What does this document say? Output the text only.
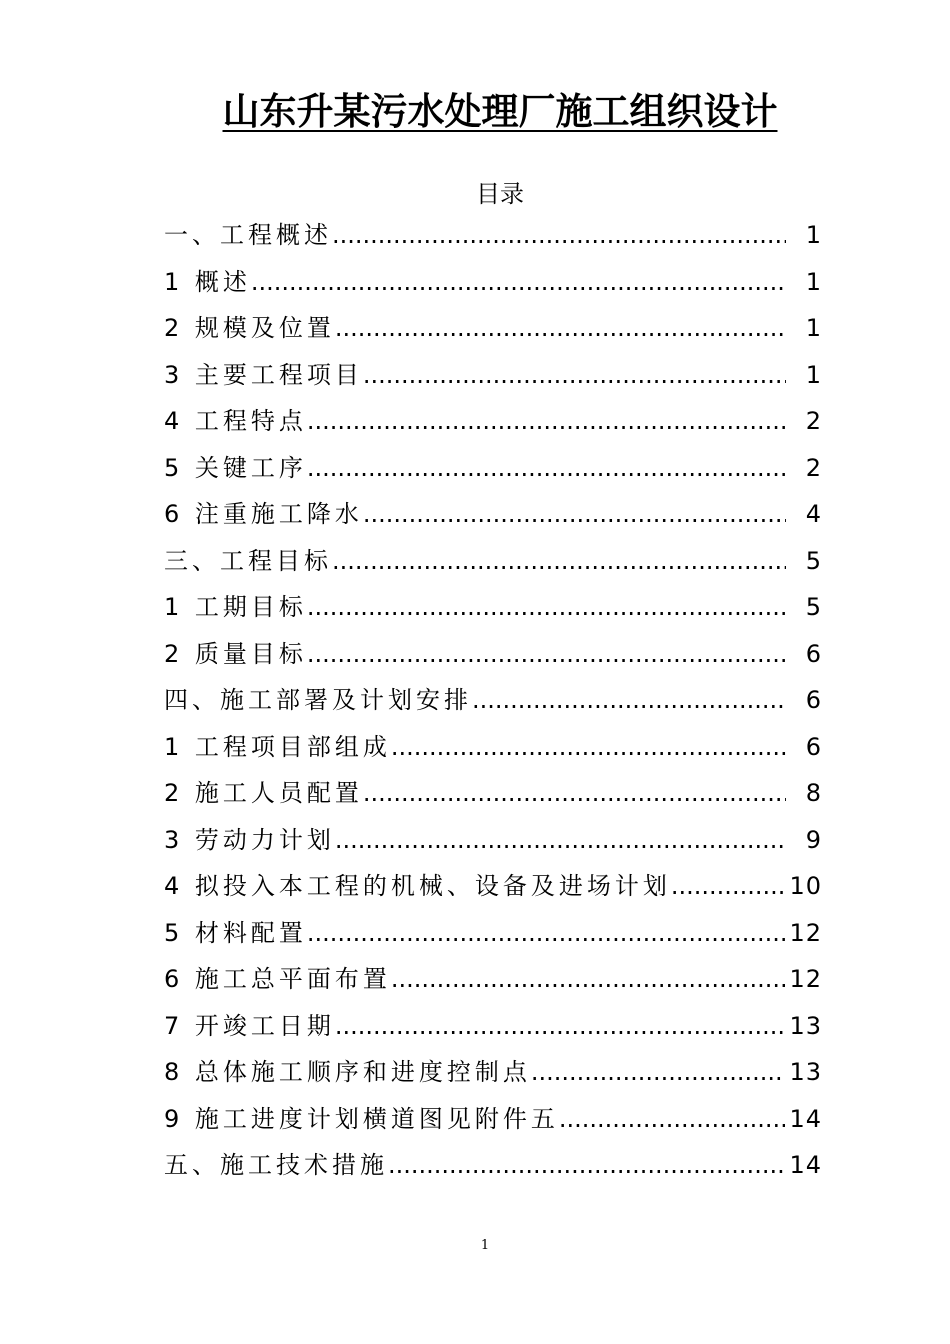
山东升某污水处理厂施工组织设计
目录
一、工程概述 .....	1
1 概述 .....	1
2 规模及位置 .....	1
3 主要工程项目 .....	1
4 工程特点 .....	2
5 关键工序 .....	2
6 注重施工降水 .....	4
三、工程目标 .....	5
1 工期目标 .....	5
2 质量目标 .....	6
四、施工部署及计划安排 .....	6
1 工程项目部组成 .....	6
2 施工人员配置 .....	8
3 劳动力计划 .....	9
4 拟投入本工程的机械、设备及进场计划 .....	10
5 材料配置 .....	12
6 施工总平面布置 .....	12
7 开竣工日期 .....	13
8 总体施工顺序和进度控制点 .....	13
9 施工进度计划横道图见附件五 .....	14
五、施工技术措施 .....	14
1
